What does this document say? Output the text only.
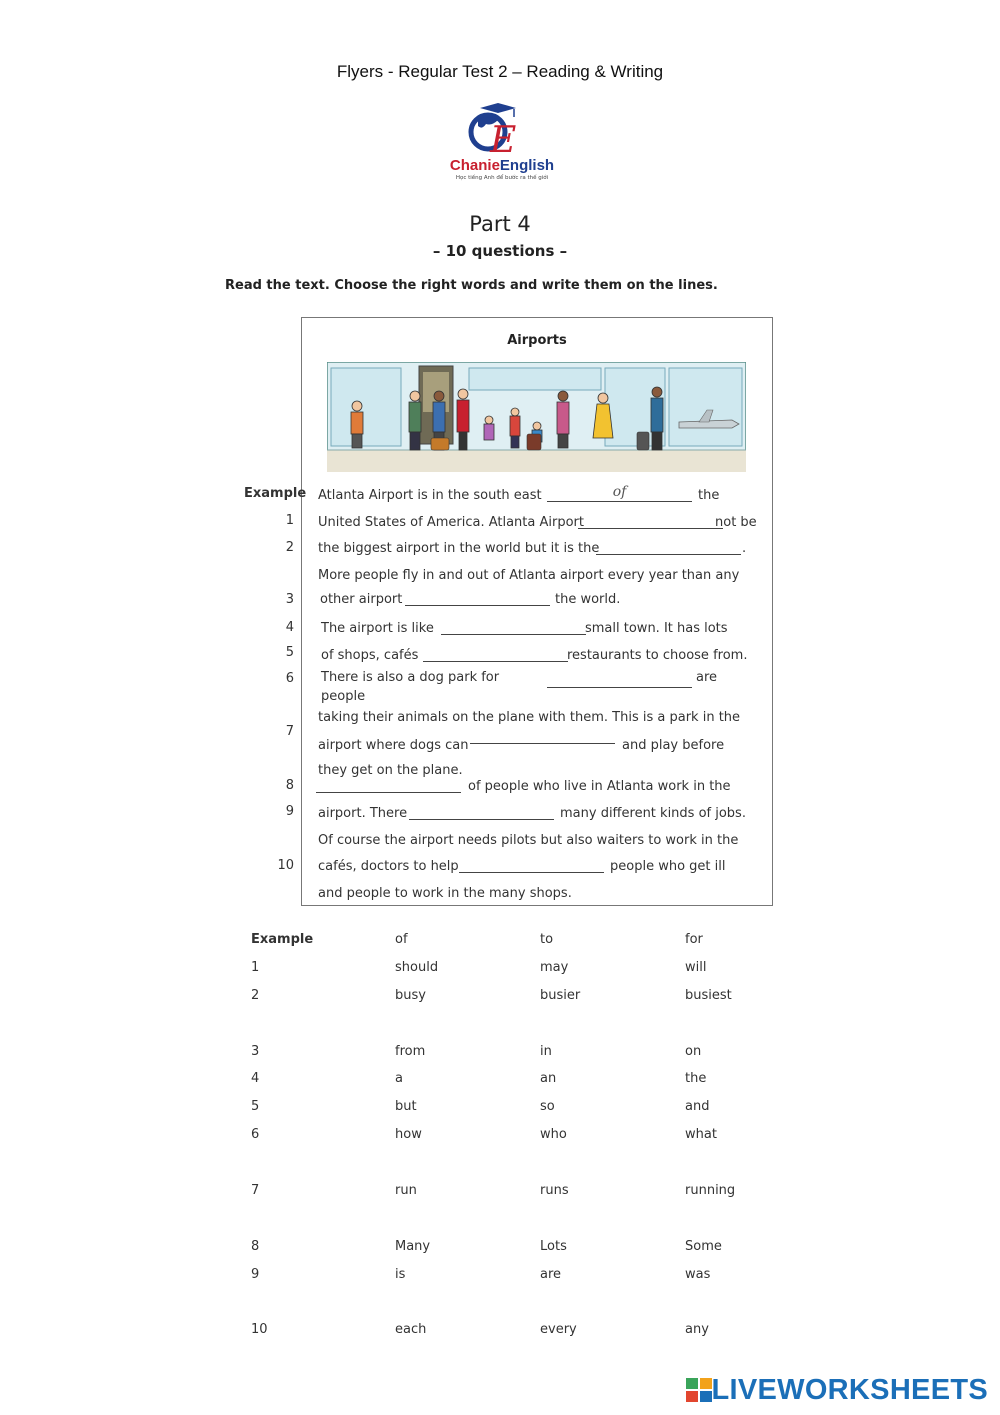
Flyers - Regular Test 2 – Reading & Writing
E
ChanieEnglish
Học tiếng Anh để bước ra thế giới
Part 4
– 10 questions –
Read the text. Choose the right words and write them on the lines.
Airports
Example Atlanta Airport is in the south east	of	the
1 United States of America. Atlanta Airport	not be
2 the biggest airport in the world but it is the	.
More people fly in and out of Atlanta airport every year than any
3 other airport	the world.
4 The airport is like	small town. It has lots
5 of shops, cafés	restaurants to choose from.
6 There is also a dog park for
people
are
taking their animals on the plane with them. This is a park in the
7
airport where dogs can	and play before
they get on the plane.
8	of people who live in Atlanta work in the
9 airport. There	many different kinds of jobs.
Of course the airport needs pilots but also waiters to work in the
10 cafés, doctors to help	people who get ill
and people to work in the many shops.
Example	of	to	for
1	should	may	will
2	busy	busier	busiest
3	from	in	on
4	a	an	the
5	but	so	and
6	how	who	what
7	run	runs	running
8	Many	Lots	Some
9	is	are	was
10	each	every	any
LIVEWORKSHEETS
